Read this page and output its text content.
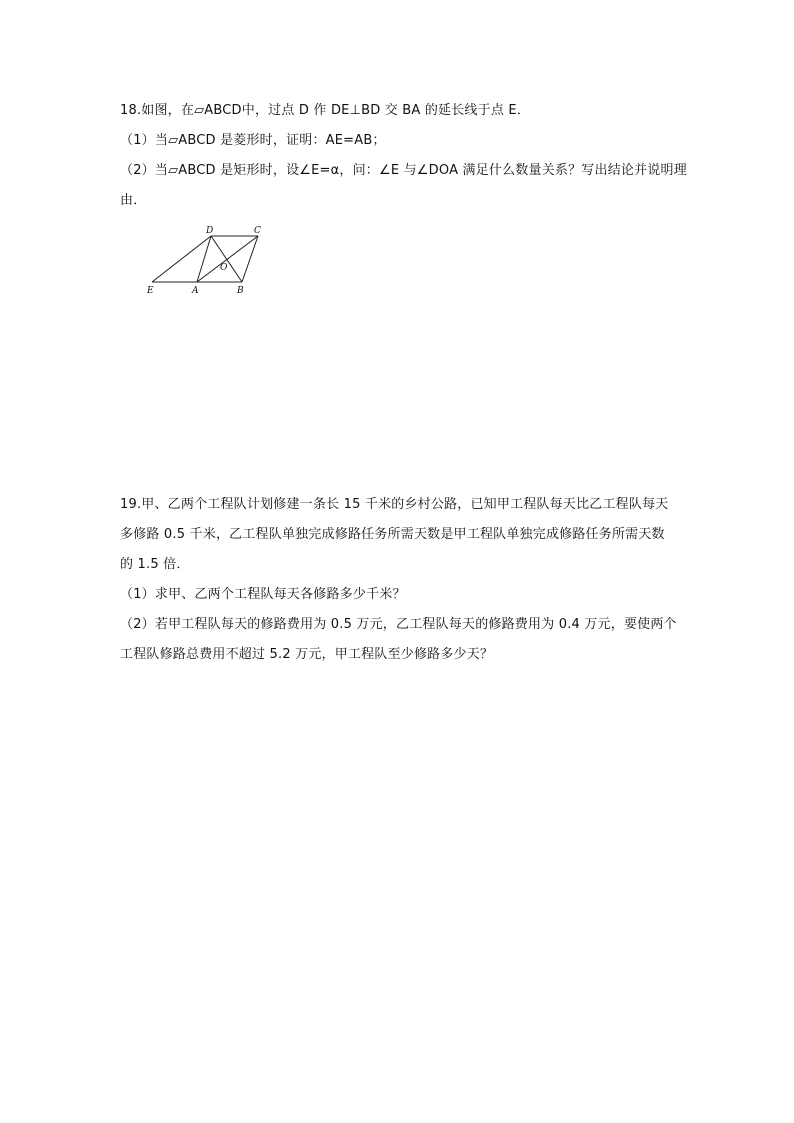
18.如图，在▱ABCD中，过点 D 作 DE⊥BD 交 BA 的延长线于点 E．
（1）当▱ABCD 是菱形时，证明：AE=AB；
（2）当▱ABCD 是矩形时，设∠E=α，问：∠E 与∠DOA 满足什么数量关系？写出结论并说明理
由．
D	C
O
E	A	B
19.甲、乙两个工程队计划修建一条长 15 千米的乡村公路，已知甲工程队每天比乙工程队每天
多修路 0.5 千米，乙工程队单独完成修路任务所需天数是甲工程队单独完成修路任务所需天数
的 1.5 倍．
（1）求甲、乙两个工程队每天各修路多少千米？
（2）若甲工程队每天的修路费用为 0.5 万元，乙工程队每天的修路费用为 0.4 万元，要使两个
工程队修路总费用不超过 5.2 万元，甲工程队至少修路多少天？
